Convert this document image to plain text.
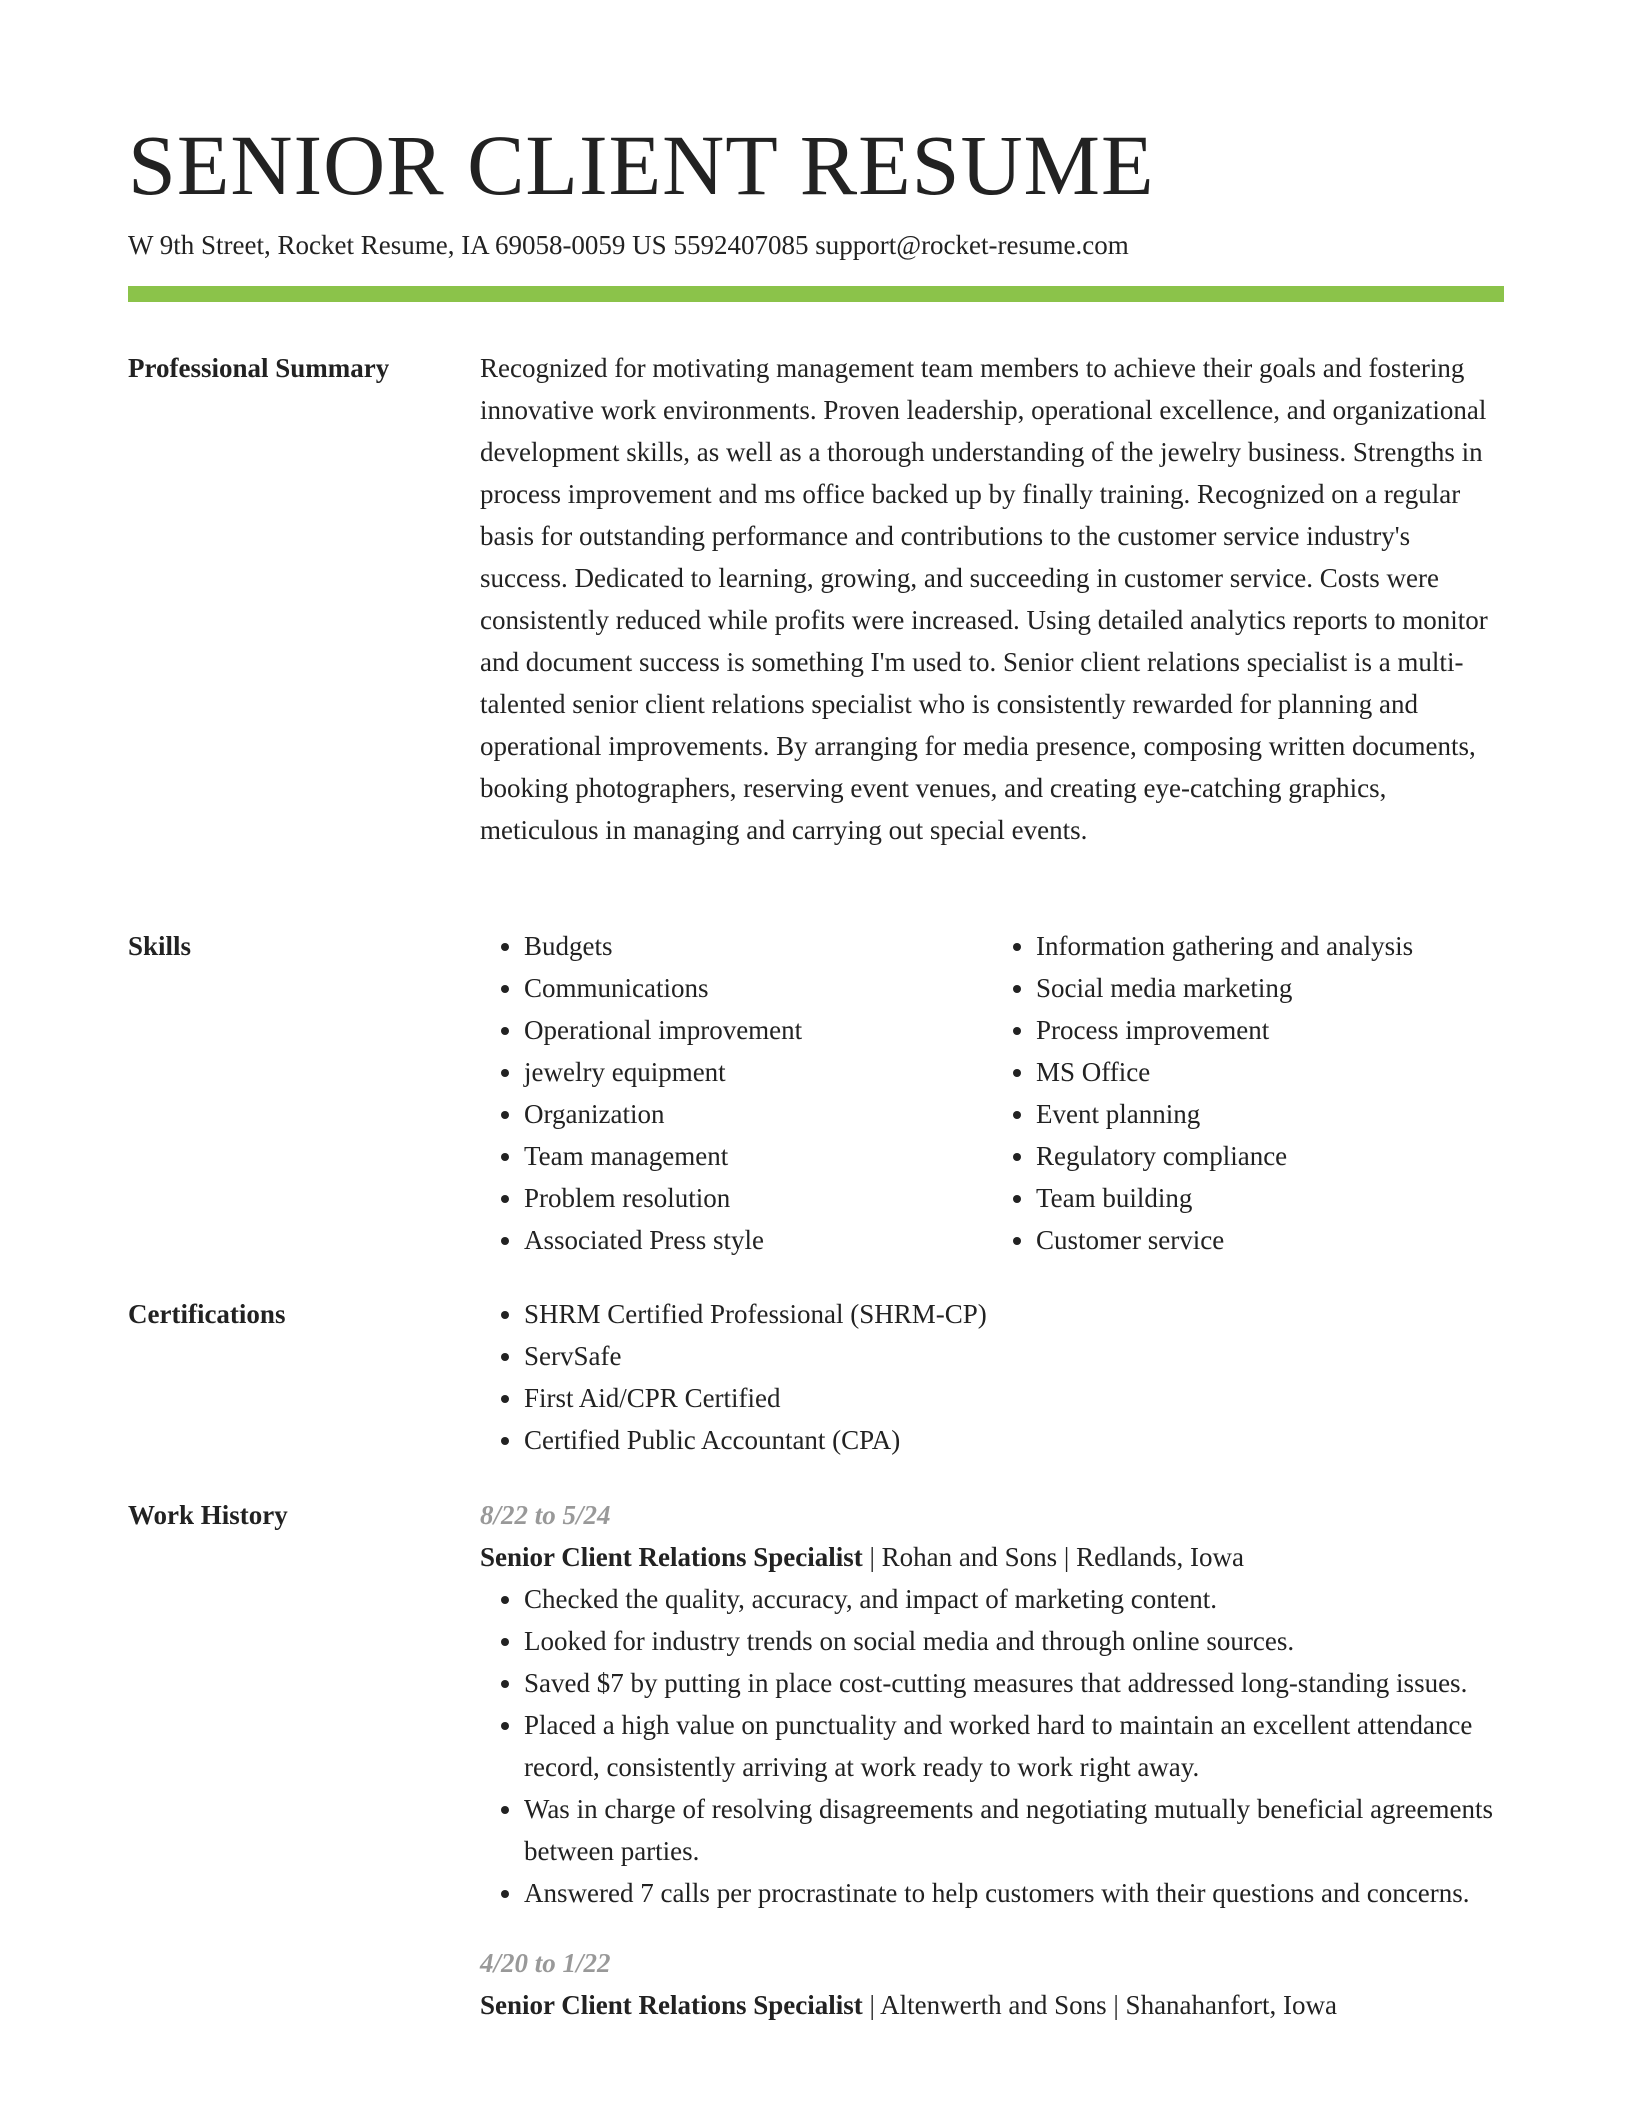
SENIOR CLIENT RESUME
W 9th Street, Rocket Resume, IA 69058-0059 US 5592407085 support@rocket-resume.com
Professional Summary	Recognized for motivating management team members to achieve their goals and fostering innovative work environments. Proven leadership, operational excellence, and organizational development skills, as well as a thorough understanding of the jewelry business. Strengths in process improvement and ms office backed up by finally training. Recognized on a regular basis for outstanding performance and contributions to the customer service industry's success. Dedicated to learning, growing, and succeeding in customer service. Costs were consistently reduced while profits were increased. Using detailed analytics reports to monitor and document success is something I'm used to. Senior client relations specialist is a multi-talented senior client relations specialist who is consistently rewarded for planning and operational improvements. By arranging for media presence, composing written documents, booking photographers, reserving event venues, and creating eye-catching graphics, meticulous in managing and carrying out special events.

Skills	• Budgets
• Communications
• Operational improvement
• jewelry equipment
• Organization
• Team management
• Problem resolution
• Associated Press style
• Information gathering and analysis
• Social media marketing
• Process improvement
• MS Office
• Event planning
• Regulatory compliance
• Team building
• Customer service
Certifications	• SHRM Certified Professional (SHRM-CP)
• ServSafe
• First Aid/CPR Certified
• Certified Public Accountant (CPA)
Work History	8/22 to 5/24
Senior Client Relations Specialist | Rohan and Sons | Redlands, Iowa
• Checked the quality, accuracy, and impact of marketing content.
• Looked for industry trends on social media and through online sources.
• Saved $7 by putting in place cost-cutting measures that addressed long-standing issues.
• Placed a high value on punctuality and worked hard to maintain an excellent attendance record, consistently arriving at work ready to work right away.
• Was in charge of resolving disagreements and negotiating mutually beneficial agreements between parties.
• Answered 7 calls per procrastinate to help customers with their questions and concerns.
4/20 to 1/22
Senior Client Relations Specialist | Altenwerth and Sons | Shanahanfort, Iowa
